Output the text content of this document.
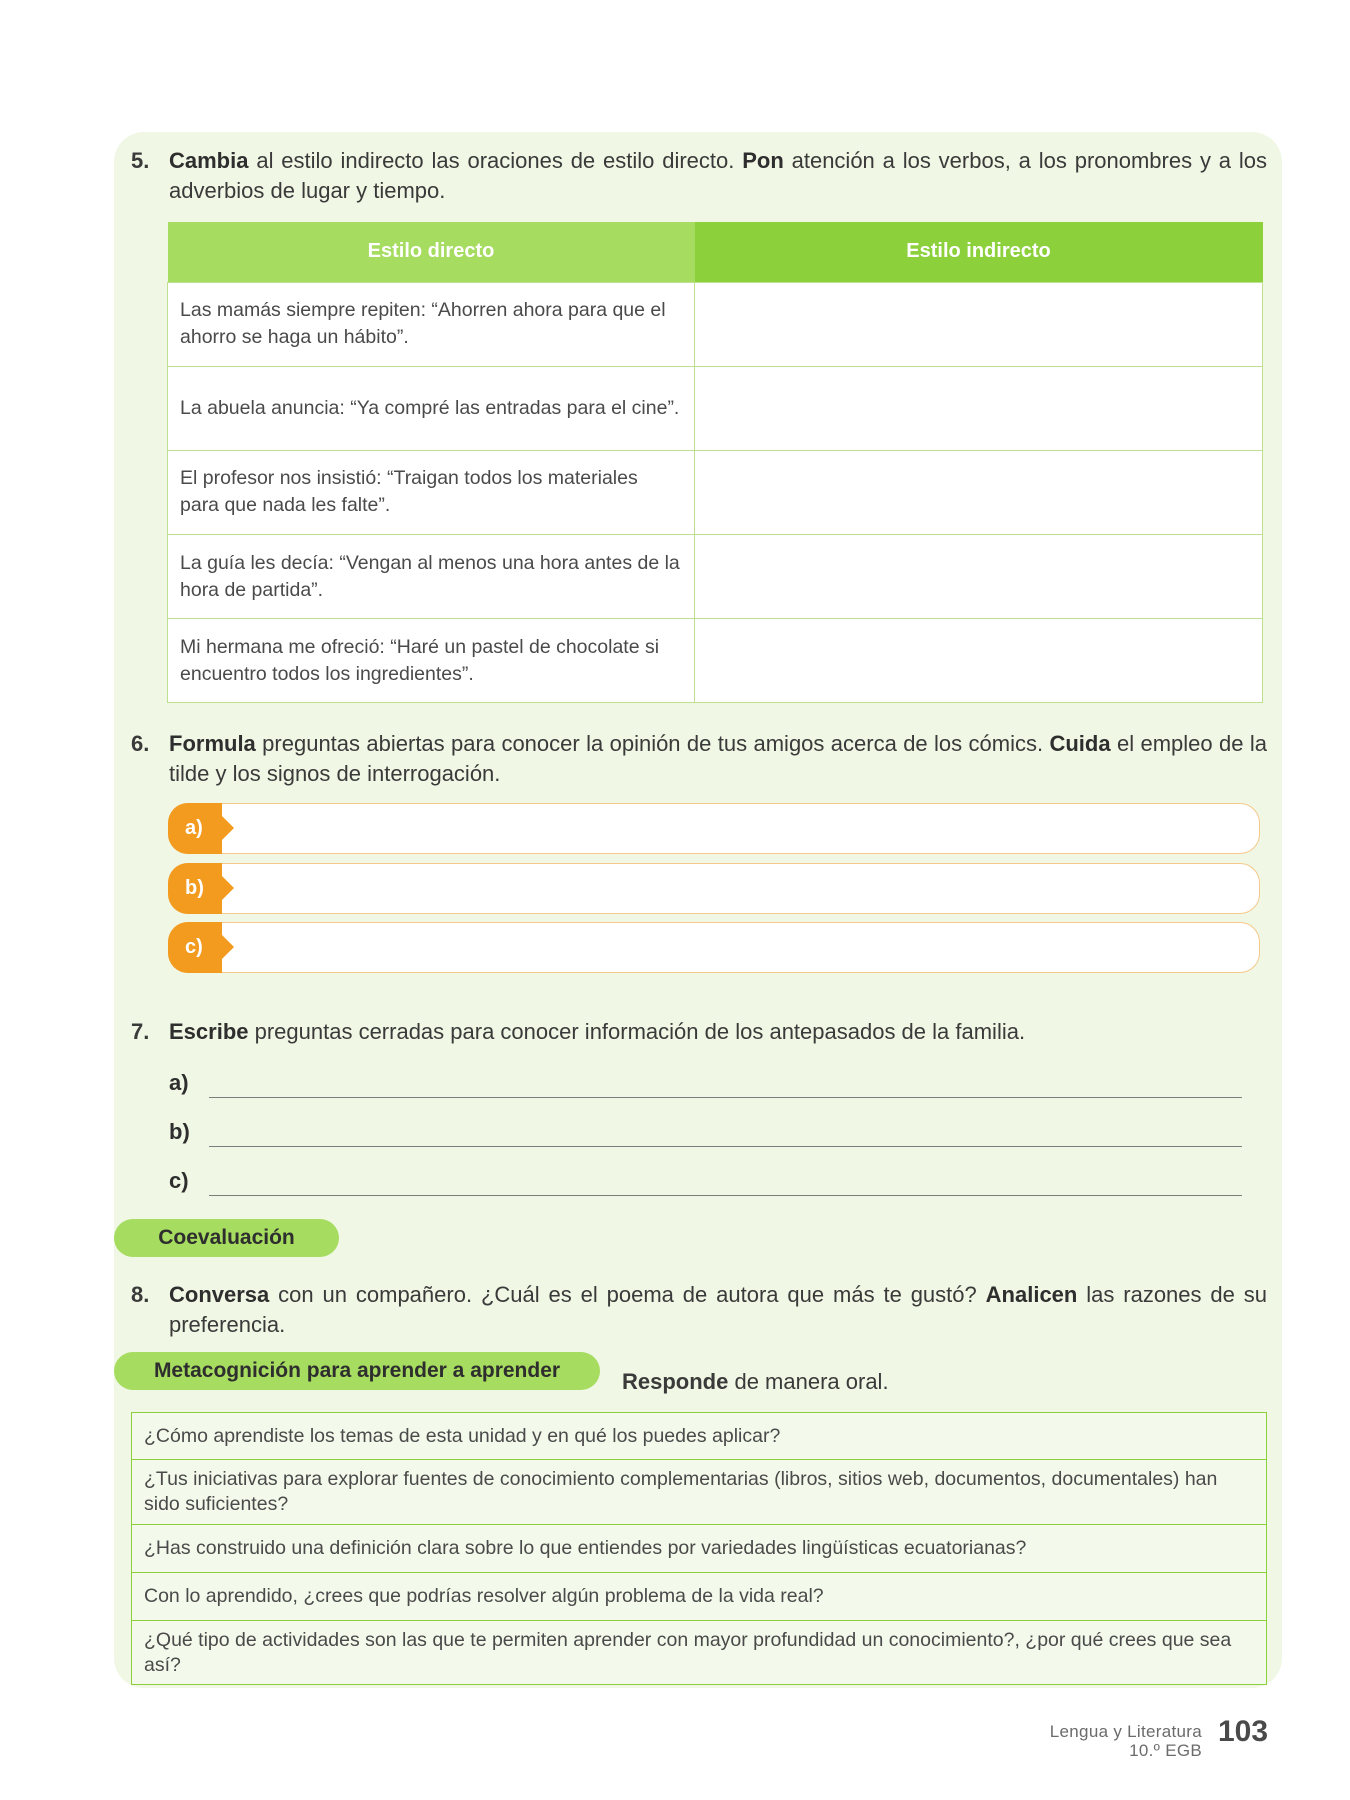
5. Cambia al estilo indirecto las oraciones de estilo directo. Pon atención a los verbos, a los pronombres y a los adverbios de lugar y tiempo.

Estilo directo	Estilo indirecto
Las mamás siempre repiten: “Ahorren ahora para que el ahorro se haga un hábito”.	
La abuela anuncia: “Ya compré las entradas para el cine”.	
El profesor nos insistió: “Traigan todos los materiales para que nada les falte”.	
La guía les decía: “Vengan al menos una hora antes de la hora de partida”.	
Mi hermana me ofreció: “Haré un pastel de chocolate si encuentro todos los ingredientes”.	
6. Formula preguntas abiertas para conocer la opinión de tus amigos acerca de los cómics. Cuida el empleo de la tilde y los signos de interrogación.

a)
b)
c)
7. Escribe preguntas cerradas para conocer información de los antepasados de la familia.

a)
b)
c)
Coevaluación
8. Conversa con un compañero. ¿Cuál es el poema de autora que más te gustó? Analicen las razones de su preferencia.

Metacognición para aprender a aprender	Responde de manera oral.
¿Cómo aprendiste los temas de esta unidad y en qué los puedes aplicar?
¿Tus iniciativas para explorar fuentes de conocimiento complementarias (libros, sitios web, documentos, documentales) han sido suficientes?
¿Has construido una definición clara sobre lo que entiendes por variedades lingüísticas ecuatorianas?
Con lo aprendido, ¿crees que podrías resolver algún problema de la vida real?
¿Qué tipo de actividades son las que te permiten aprender con mayor profundidad un conocimiento?, ¿por qué crees que sea así?
Lengua y Literatura
10.º EGB
103
